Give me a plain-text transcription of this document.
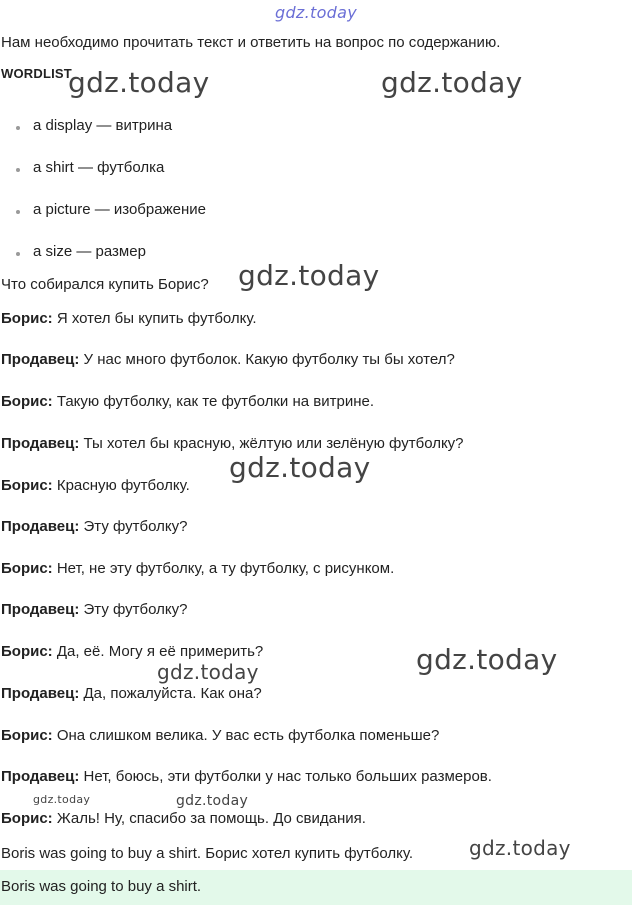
gdz.today
Нам необходимо прочитать текст и ответить на вопрос по содержанию.
WORDLIST
a display — витрина
a shirt — футболка
a picture — изображение
a size — размер
Что собирался купить Борис?
Борис: Я хотел бы купить футболку.
Продавец: У нас много футболок. Какую футболку ты бы хотел?
Борис: Такую футболку, как те футболки на витрине.
Продавец: Ты хотел бы красную, жёлтую или зелёную футболку?
Борис: Красную футболку.
Продавец: Эту футболку?
Борис: Нет, не эту футболку, а ту футболку, с рисунком.
Продавец: Эту футболку?
Борис: Да, её. Могу я её примерить?
Продавец: Да, пожалуйста. Как она?
Борис: Она слишком велика. У вас есть футболка поменьше?
Продавец: Нет, боюсь, эти футболки у нас только больших размеров.
Борис: Жаль! Ну, спасибо за помощь. До свидания.
Boris was going to buy a shirt. Борис хотел купить футболку.
Boris was going to buy a shirt.
gdz.today	gdz.today
gdz.today
gdz.today
gdz.today
gdz.today
gdz.today	gdz.today
gdz.today
